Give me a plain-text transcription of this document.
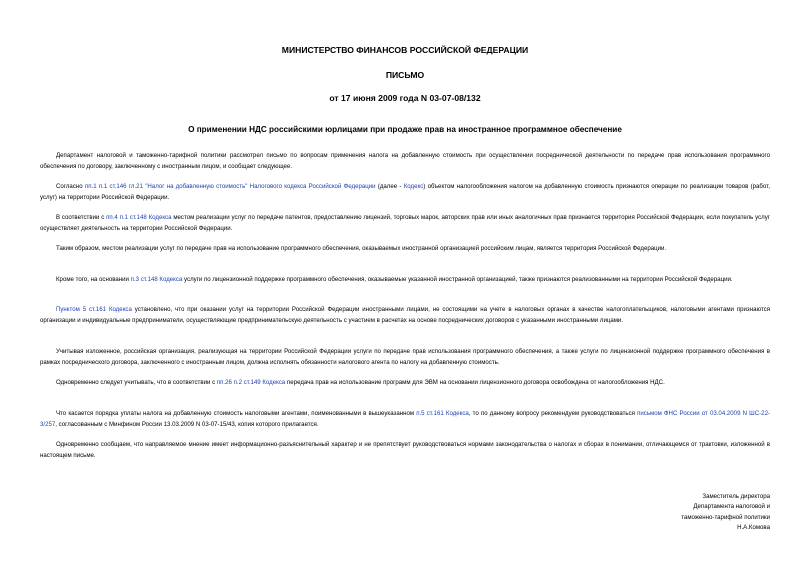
МИНИСТЕРСТВО ФИНАНСОВ РОССИЙСКОЙ ФЕДЕРАЦИИ
ПИСЬМО
от 17 июня 2009 года N 03-07-08/132
О применении НДС российскими юрлицами при продаже прав на иностранное программное обеспечение

Департамент налоговой и таможенно-тарифной политики рассмотрел письмо по вопросам применения налога на добавленную стоимость при осуществлении посреднической деятельности по передаче прав использования программного обеспечения по договору, заключенному с иностранным лицом, и сообщает следующее.

Согласно пп.1 п.1 ст.146 гл.21 "Налог на добавленную стоимость" Налогового кодекса Российской Федерации (далее - Кодекс) объектом налогообложения налогом на добавленную стоимость признаются операции по реализации товаров (работ, услуг) на территории Российской Федерации.

В соответствии с пп.4 п.1 ст.148 Кодекса местом реализации услуг по передаче патентов, предоставлению лицензий, торговых марок, авторских прав или иных аналогичных прав признается территория Российской Федерации, если покупатель услуг осуществляет деятельность на территории Российской Федерации.

Таким образом, местом реализации услуг по передаче прав на использование программного обеспечения, оказываемых иностранной организацией российским лицам, является территория Российской Федерации.

Кроме того, на основании п.3 ст.148 Кодекса услуги по лицензионной поддержке программного обеспечения, оказываемые указанной иностранной организацией, также признаются реализованными на территории Российской Федерации.

Пунктом 5 ст.161 Кодекса установлено, что при оказании услуг на территории Российской Федерации иностранными лицами, не состоящими на учете в налоговых органах в качестве налогоплательщиков, налоговыми агентами признаются организации и индивидуальные предприниматели, осуществляющие предпринимательскую деятельность с участием в расчетах на основе посреднических договоров с указанными иностранными лицами.

Учитывая изложенное, российская организация, реализующая на территории Российской Федерации услуги по передаче прав использования программного обеспечения, а также услуги по лицензионной поддержке программного обеспечения в рамках посреднического договора, заключенного с иностранным лицом, должна исполнять обязанности налогового агента по налогу на добавленную стоимость.

Одновременно следует учитывать, что в соответствии с пп.26 п.2 ст.149 Кодекса передача прав на использование программ для ЭВМ на основании лицензионного договора освобождена от налогообложения НДС.

Что касается порядка уплаты налога на добавленную стоимость налоговыми агентами, поименованными в вышеуказанном п.5 ст.161 Кодекса, то по данному вопросу рекомендуем руководствоваться письмом ФНС России от 03.04.2009 N ШС-22-3/257, согласованным с Минфином России 13.03.2009 N 03-07-15/43, копия которого прилагается.

Одновременно сообщаем, что направляемое мнение имеет информационно-разъяснительный характер и не препятствует руководствоваться нормами законодательства о налогах и сборах в понимании, отличающемся от трактовки, изложенной в настоящем письме.

Заместитель директора
Департамента налоговой и
таможенно-тарифной политики
Н.А.Комова
